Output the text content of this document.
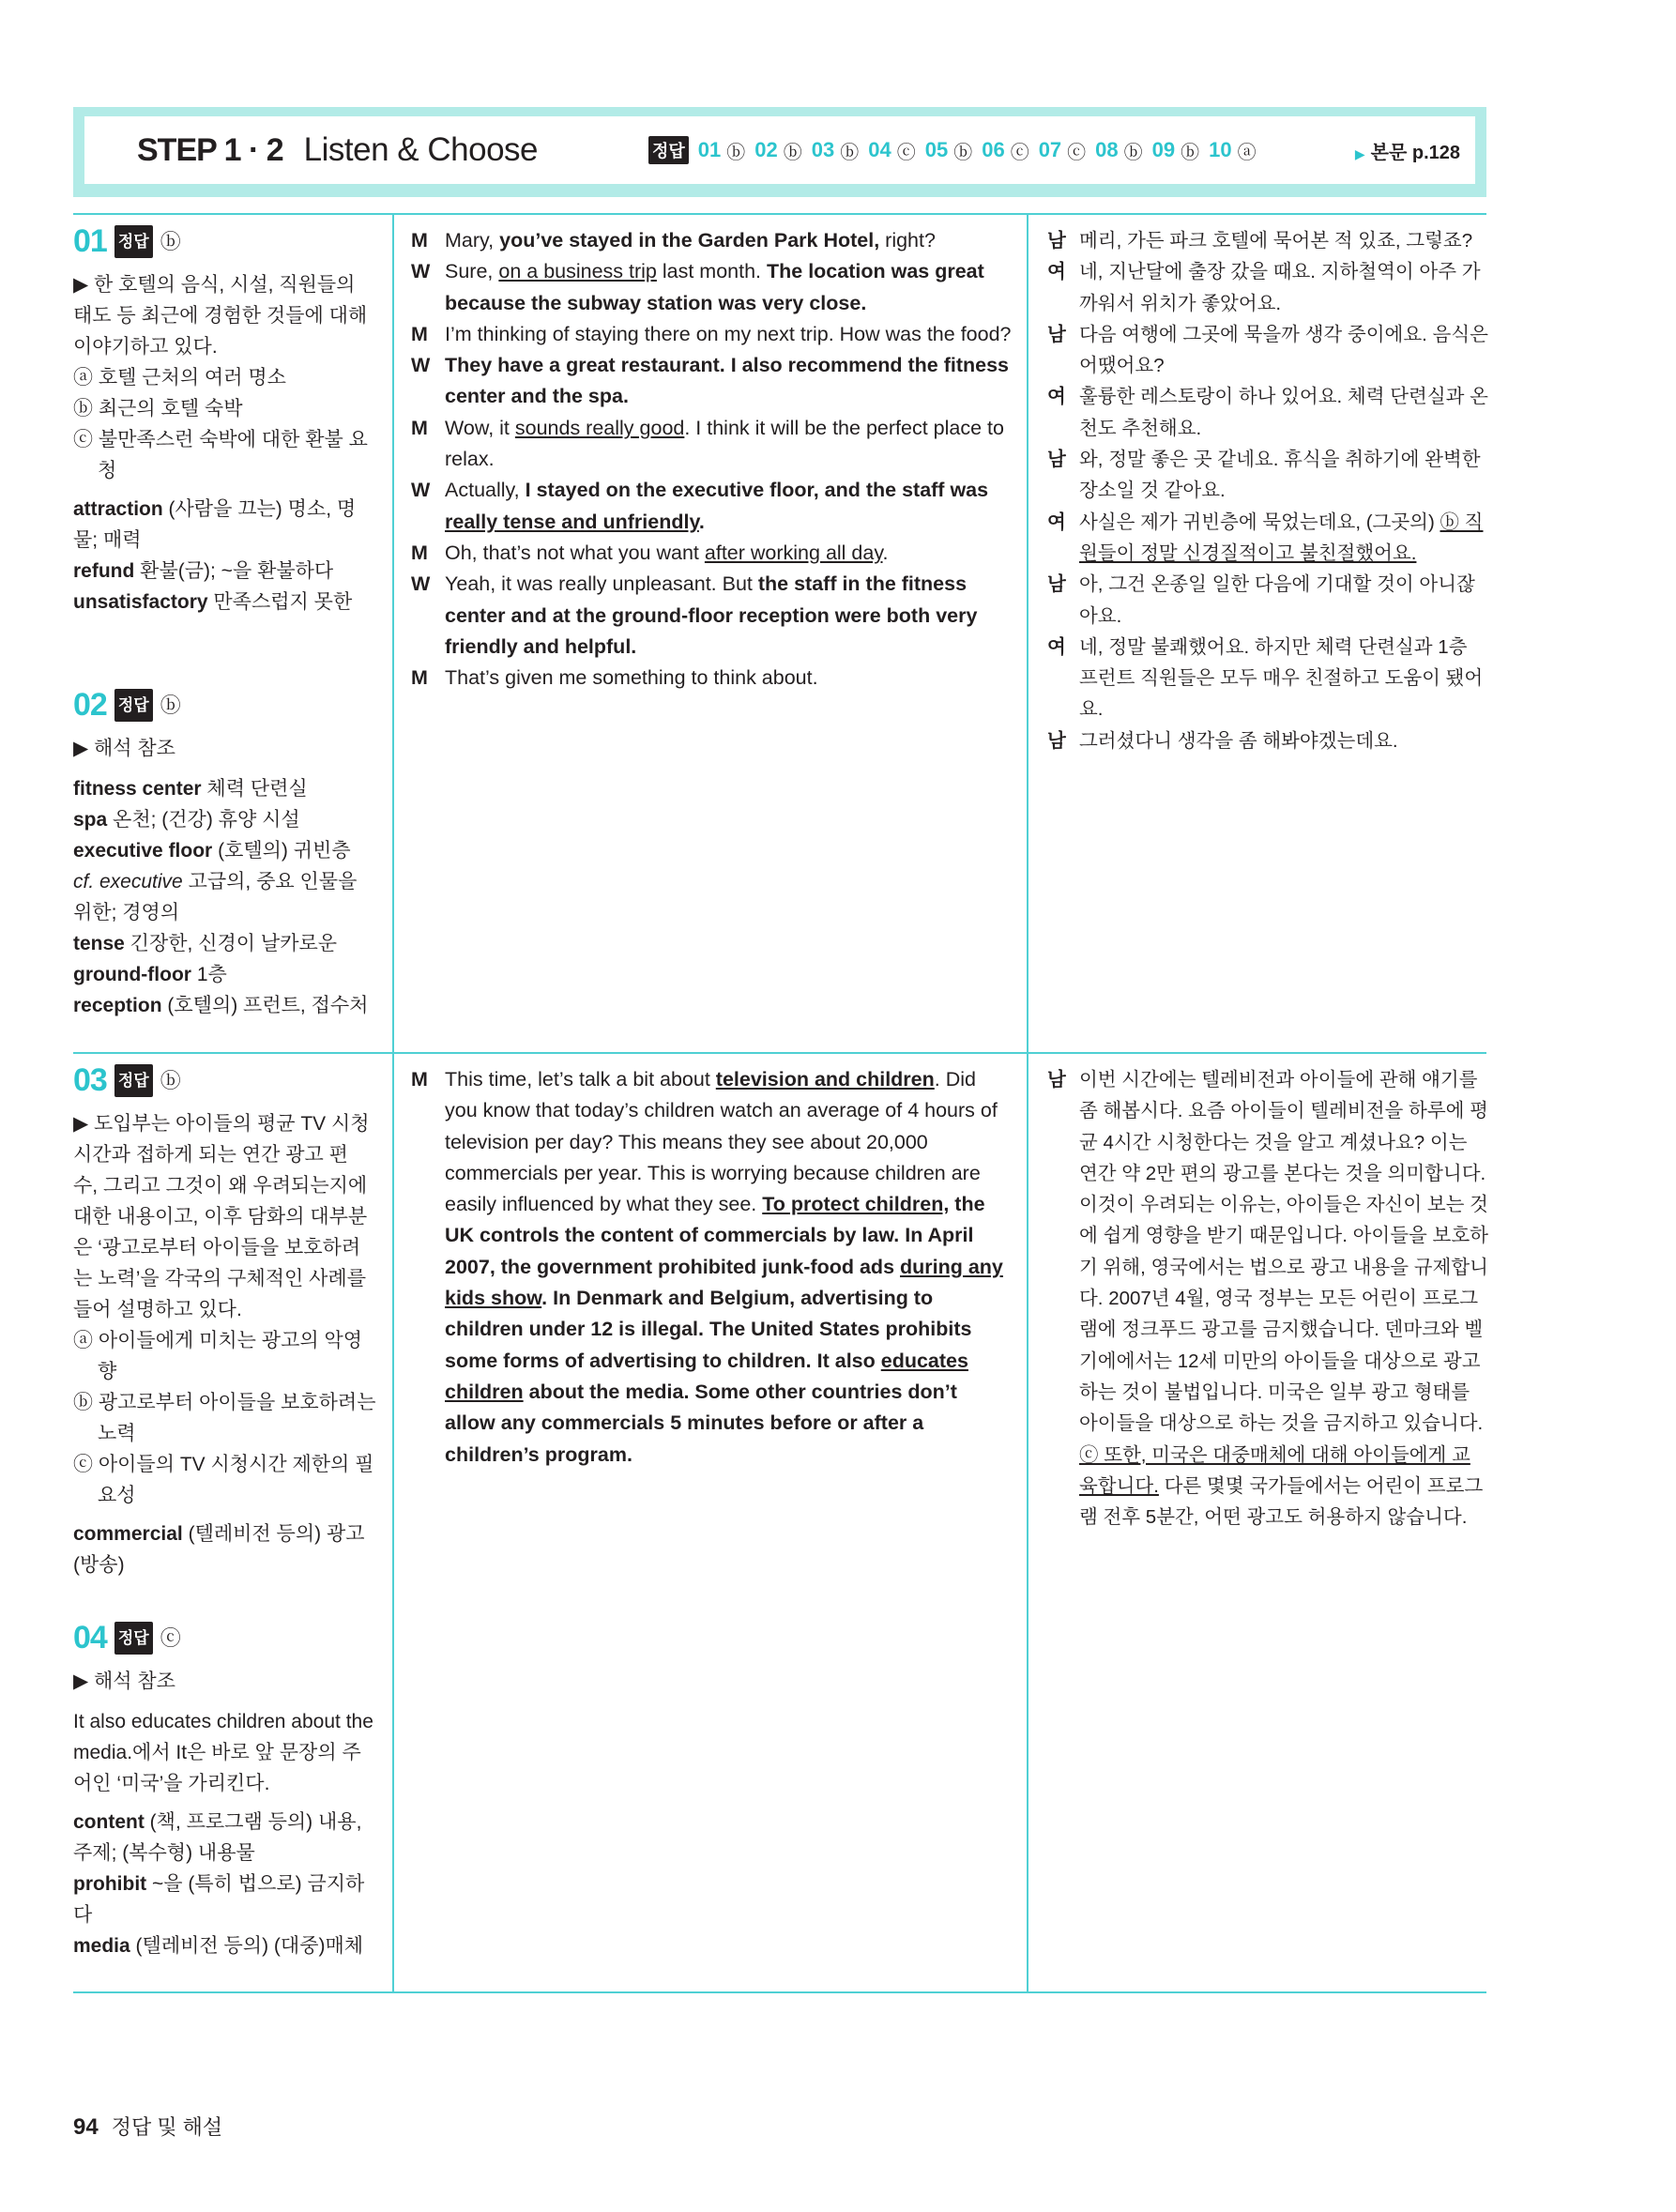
STEP 1 · 2 Listen & Choose	정답 01 ⓑ 02 ⓑ 03 ⓑ 04 ⓒ 05 ⓑ 06 ⓒ 07 ⓒ 08 ⓑ 09 ⓑ 10 ⓐ	▶ 본문 p.128
01 정답 ⓑ

▶ 한 호텔의 음식, 시설, 직원들의 태도 등 최근에 경험한 것들에 대해 이야기하고 있다.

ⓐ 호텔 근처의 여러 명소

ⓑ 최근의 호텔 숙박

ⓒ 불만족스런 숙박에 대한 환불 요청

attraction (사람을 끄는) 명소, 명물; 매력
refund 환불(금); ~을 환불하다
unsatisfactory 만족스럽지 못한
02 정답 ⓑ

▶ 해석 참조

fitness center 체력 단련실
spa 온천; (건강) 휴양 시설
executive floor (호텔의) 귀빈층
cf. executive 고급의, 중요 인물을 위한; 경영의
tense 긴장한, 신경이 날카로운
ground-floor 1층
reception (호텔의) 프런트, 접수처
M Mary, you’ve stayed in the Garden Park Hotel, right?
W Sure, on a business trip last month. The location was great because the subway station was very close.
M I’m thinking of staying there on my next trip. How was the food?
W They have a great restaurant. I also recommend the fitness center and the spa.
M Wow, it sounds really good. I think it will be the perfect place to relax.
W Actually, I stayed on the executive floor, and the staff was really tense and unfriendly.
M Oh, that’s not what you want after working all day.
W Yeah, it was really unpleasant. But the staff in the fitness center and at the ground-floor reception were both very friendly and helpful.
M That’s given me something to think about.
남 메리, 가든 파크 호텔에 묵어본 적 있죠, 그렇죠?
여 네, 지난달에 출장 갔을 때요. 지하철역이 아주 가까워서 위치가 좋았어요.
남 다음 여행에 그곳에 묵을까 생각 중이에요. 음식은 어땠어요?
여 훌륭한 레스토랑이 하나 있어요. 체력 단련실과 온천도 추천해요.
남 와, 정말 좋은 곳 같네요. 휴식을 취하기에 완벽한 장소일 것 같아요.
여 사실은 제가 귀빈층에 묵었는데요, (그곳의) ⓑ 직원들이 정말 신경질적이고 불친절했어요.
남 아, 그건 온종일 일한 다음에 기대할 것이 아니잖아요.
여 네, 정말 불쾌했어요. 하지만 체력 단련실과 1층 프런트 직원들은 모두 매우 친절하고 도움이 됐어요.
남 그러셨다니 생각을 좀 해봐야겠는데요.
03 정답 ⓑ

▶ 도입부는 아이들의 평균 TV 시청 시간과 접하게 되는 연간 광고 편 수, 그리고 그것이 왜 우려되는지에 대한 내용이고, 이후 담화의 대부분은 ‘광고로부터 아이들을 보호하려는 노력’을 각국의 구체적인 사례를 들어 설명하고 있다.

ⓐ 아이들에게 미치는 광고의 악영향

ⓑ 광고로부터 아이들을 보호하려는 노력

ⓒ 아이들의 TV 시청시간 제한의 필요성

commercial (텔레비전 등의) 광고(방송)
04 정답 ⓒ

▶ 해석 참조

It also educates children about the media.에서 It은 바로 앞 문장의 주어인 ‘미국’을 가리킨다.

content (책, 프로그램 등의) 내용, 주제; (복수형) 내용물
prohibit ~을 (특히 법으로) 금지하다
media (텔레비전 등의) (대중)매체
M This time, let’s talk a bit about television and children. Did you know that today’s children watch an average of 4 hours of television per day? This means they see about 20,000 commercials per year. This is worrying because children are easily influenced by what they see. To protect children, the UK controls the content of commercials by law. In April 2007, the government prohibited junk-food ads during any kids show. In Denmark and Belgium, advertising to children under 12 is illegal. The United States prohibits some forms of advertising to children. It also educates children about the media. Some other countries don’t allow any commercials 5 minutes before or after a children’s program.
남 이번 시간에는 텔레비전과 아이들에 관해 얘기를 좀 해봅시다. 요즘 아이들이 텔레비전을 하루에 평균 4시간 시청한다는 것을 알고 계셨나요? 이는 연간 약 2만 편의 광고를 본다는 것을 의미합니다. 이것이 우려되는 이유는, 아이들은 자신이 보는 것에 쉽게 영향을 받기 때문입니다. 아이들을 보호하기 위해, 영국에서는 법으로 광고 내용을 규제합니다. 2007년 4월, 영국 정부는 모든 어린이 프로그램에 정크푸드 광고를 금지했습니다. 덴마크와 벨기에에서는 12세 미만의 아이들을 대상으로 광고하는 것이 불법입니다. 미국은 일부 광고 형태를 아이들을 대상으로 하는 것을 금지하고 있습니다. ⓒ 또한, 미국은 대중매체에 대해 아이들에게 교육합니다. 다른 몇몇 국가들에서는 어린이 프로그램 전후 5분간, 어떤 광고도 허용하지 않습니다.
94 정답 및 해설
